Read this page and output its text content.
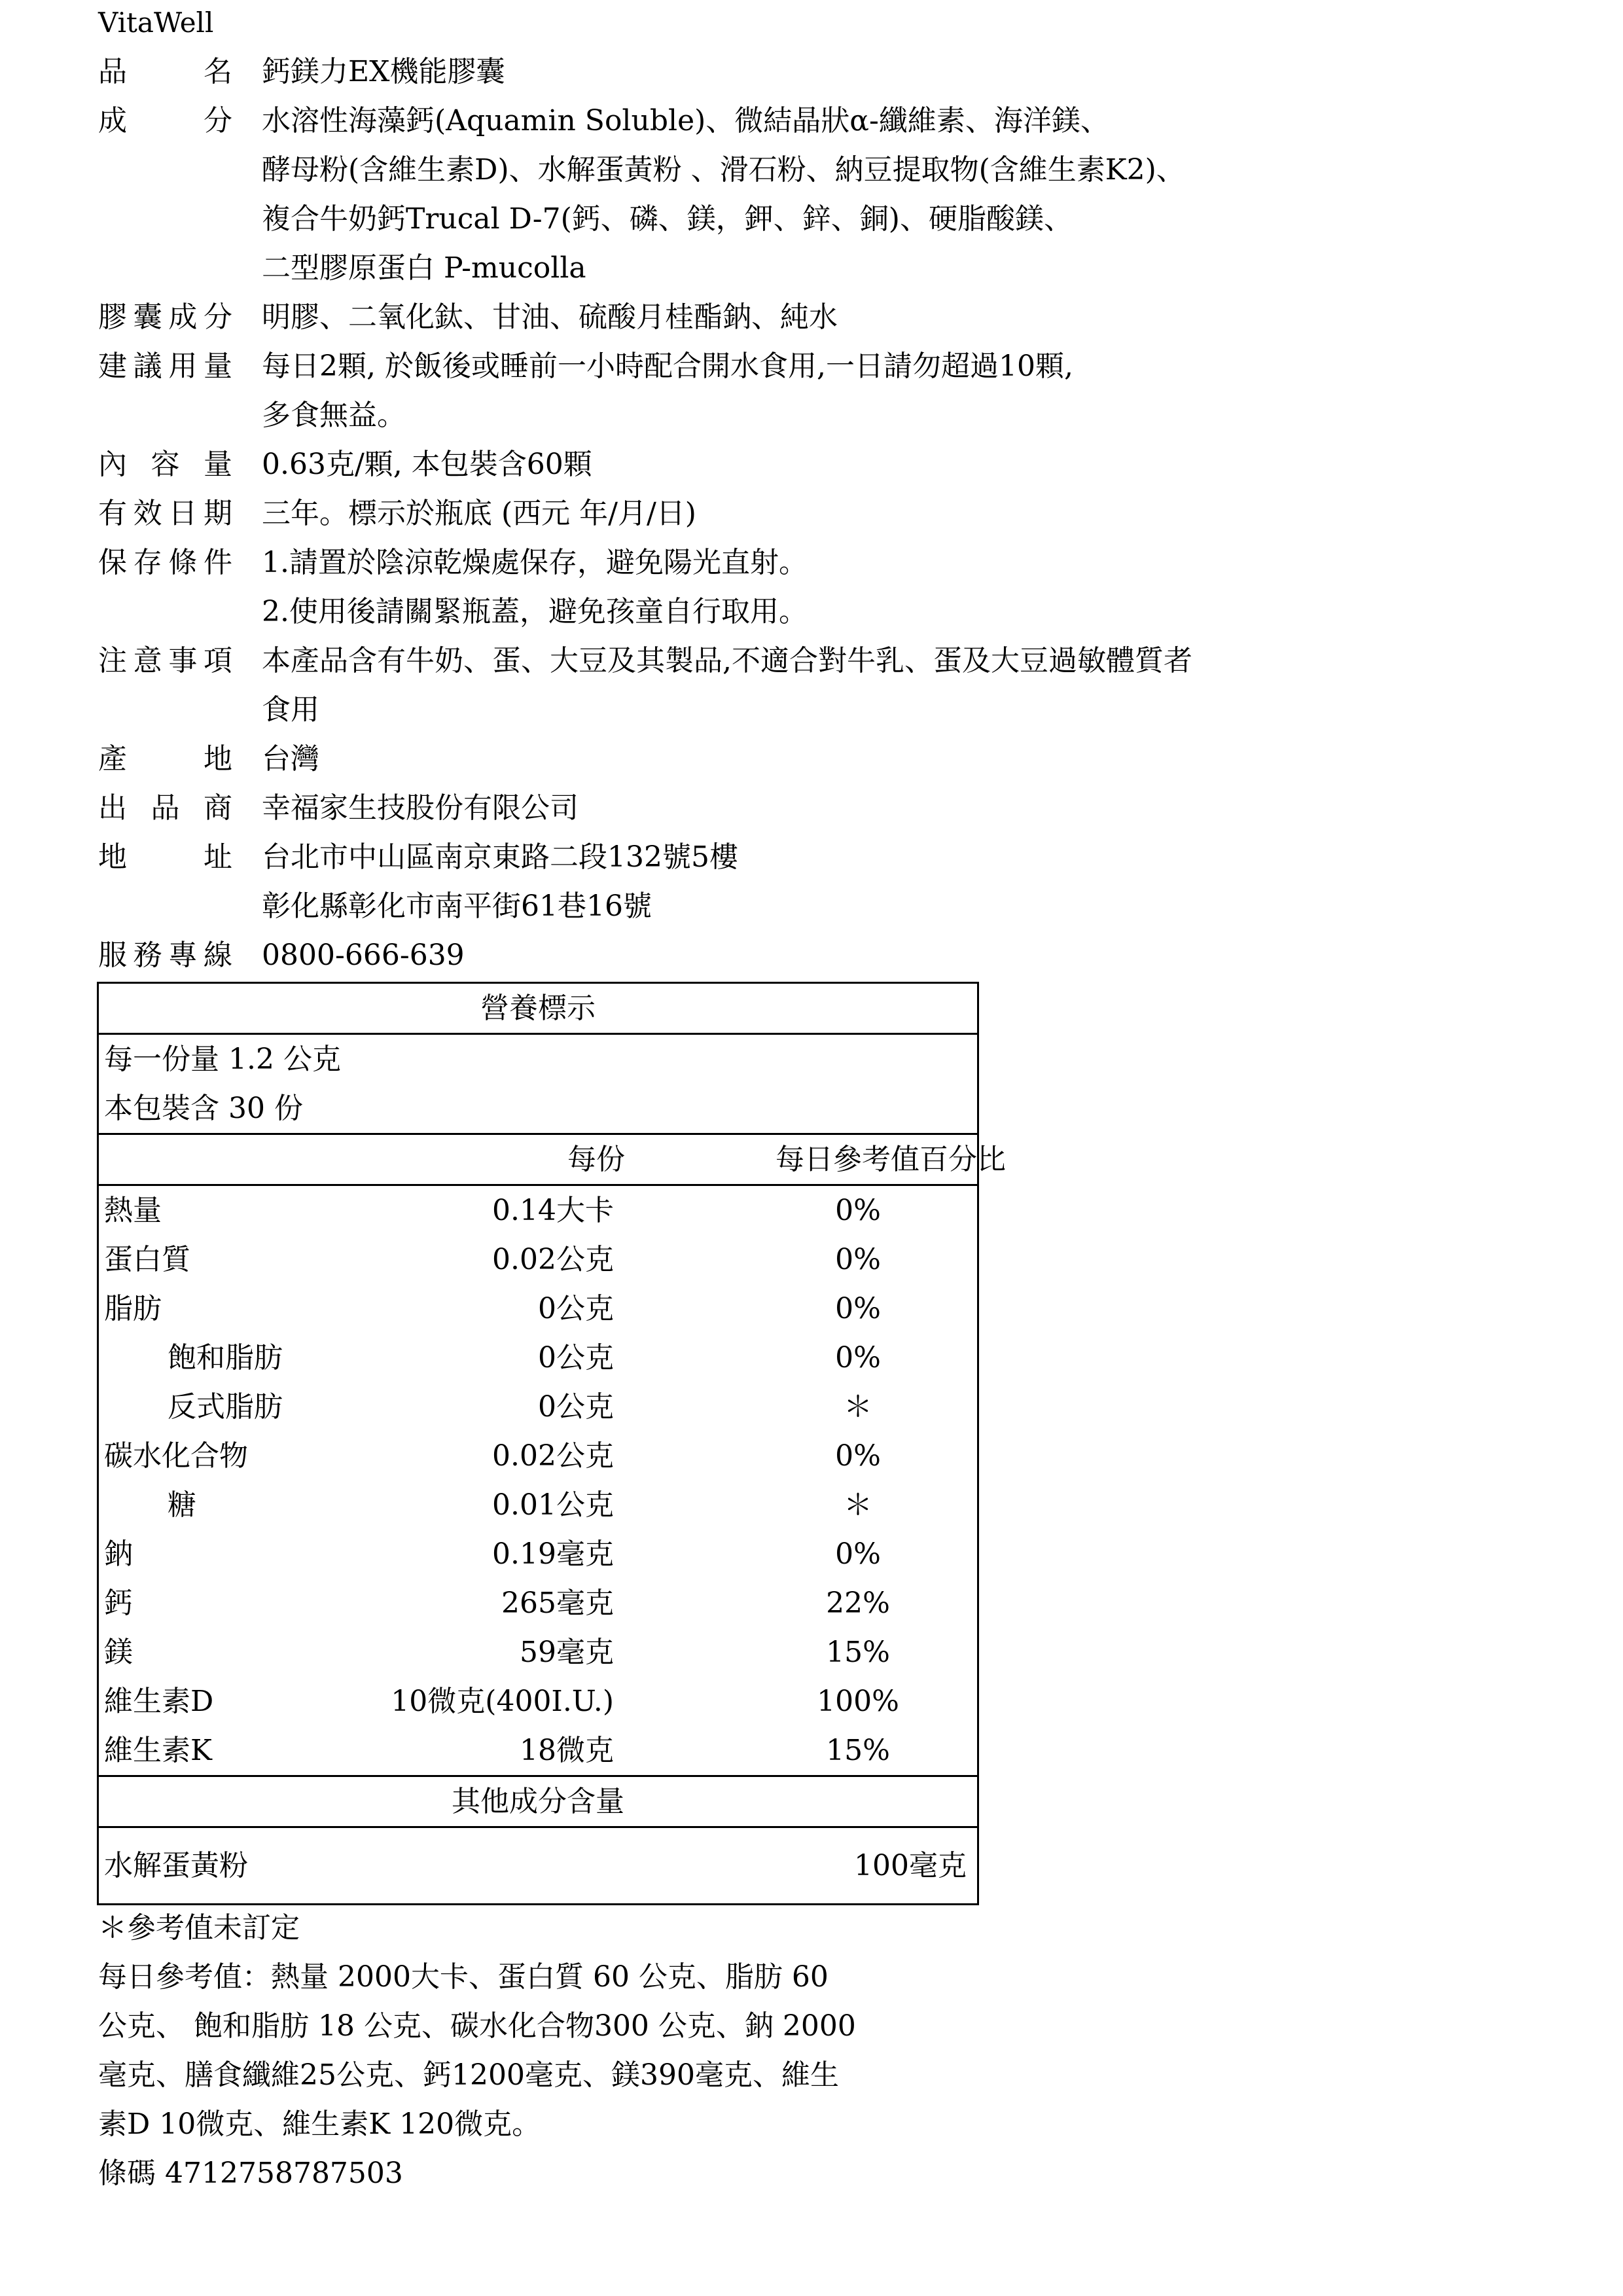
VitaWell
品名 鈣鎂力EX機能膠囊
成分 水溶性海藻鈣(Aquamin Soluble)、微結晶狀α-纖維素、海洋鎂、
酵母粉(含維生素D)、水解蛋黃粉 、滑石粉、納豆提取物(含維生素K2)、
複合牛奶鈣Trucal D-7(鈣、磷、鎂，鉀、鋅、銅)、硬脂酸鎂、
二型膠原蛋白 P-mucolla
膠囊成分 明膠、二氧化鈦、甘油、硫酸月桂酯鈉、純水
建議用量 每日2顆, 於飯後或睡前一小時配合開水食用,一日請勿超過10顆,
多食無益。
內容量 0.63克/顆, 本包裝含60顆
有效日期 三年。標示於瓶底 (西元 年/月/日)
保存條件 1.請置於陰涼乾燥處保存，避免陽光直射。
2.使用後請關緊瓶蓋，避免孩童自行取用。
注意事項 本產品含有牛奶、蛋、大豆及其製品,不適合對牛乳、蛋及大豆過敏體質者
食用
產地 台灣
出品商 幸福家生技股份有限公司
地址 台北市中山區南京東路二段132號5樓
彰化縣彰化市南平街61巷16號
服務專線 0800-666-639
營養標示
每一份量 1.2 公克
本包裝含 30 份
每份	每日參考值百分比
熱量	0.14大卡	0%
蛋白質	0.02公克	0%
脂肪	0公克	0%
飽和脂肪	0公克	0%
反式脂肪	0公克	＊
碳水化合物	0.02公克	0%
糖	0.01公克	＊
鈉	0.19毫克	0%
鈣	265毫克	22%
鎂	59毫克	15%
維生素D	10微克(400I.U.)	100%
維生素K	18微克	15%
其他成分含量
水解蛋黃粉	100毫克
＊參考值未訂定
每日參考值：熱量 2000大卡、蛋白質 60 公克、脂肪 60
公克、 飽和脂肪 18 公克、碳水化合物300 公克、鈉 2000
毫克、膳食纖維25公克、鈣1200毫克、鎂390毫克、維生
素D 10微克、維生素K 120微克。
條碼 4712758787503
